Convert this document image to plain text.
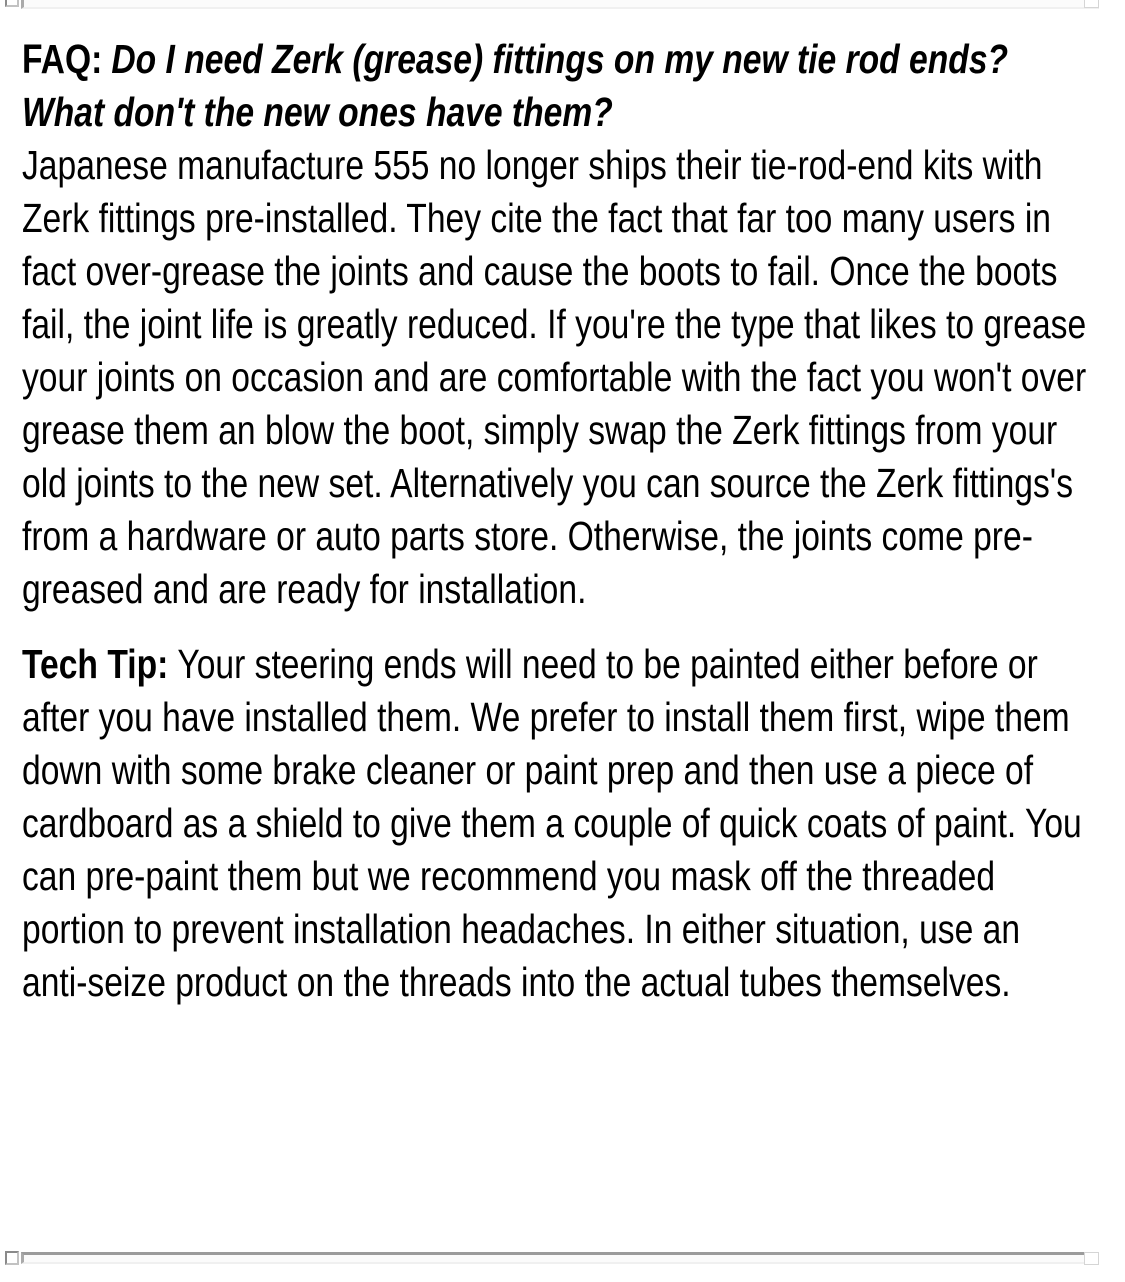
FAQ: Do I need Zerk (grease) fittings on my new tie rod ends? What don't the new ones have them?
Japanese manufacture 555 no longer ships their tie-rod-end kits with Zerk fittings pre-installed. They cite the fact that far too many users in fact over-grease the joints and cause the boots to fail. Once the boots fail, the joint life is greatly reduced. If you're the type that likes to grease your joints on occasion and are comfortable with the fact you won't over grease them an blow the boot, simply swap the Zerk fittings from your old joints to the new set. Alternatively you can source the Zerk fittings's from a hardware or auto parts store. Otherwise, the joints come pre-greased and are ready for installation.

Tech Tip: Your steering ends will need to be painted either before or after you have installed them. We prefer to install them first, wipe them down with some brake cleaner or paint prep and then use a piece of cardboard as a shield to give them a couple of quick coats of paint. You can pre-paint them but we recommend you mask off the threaded portion to prevent installation headaches. In either situation, use an anti-seize product on the threads into the actual tubes themselves.
